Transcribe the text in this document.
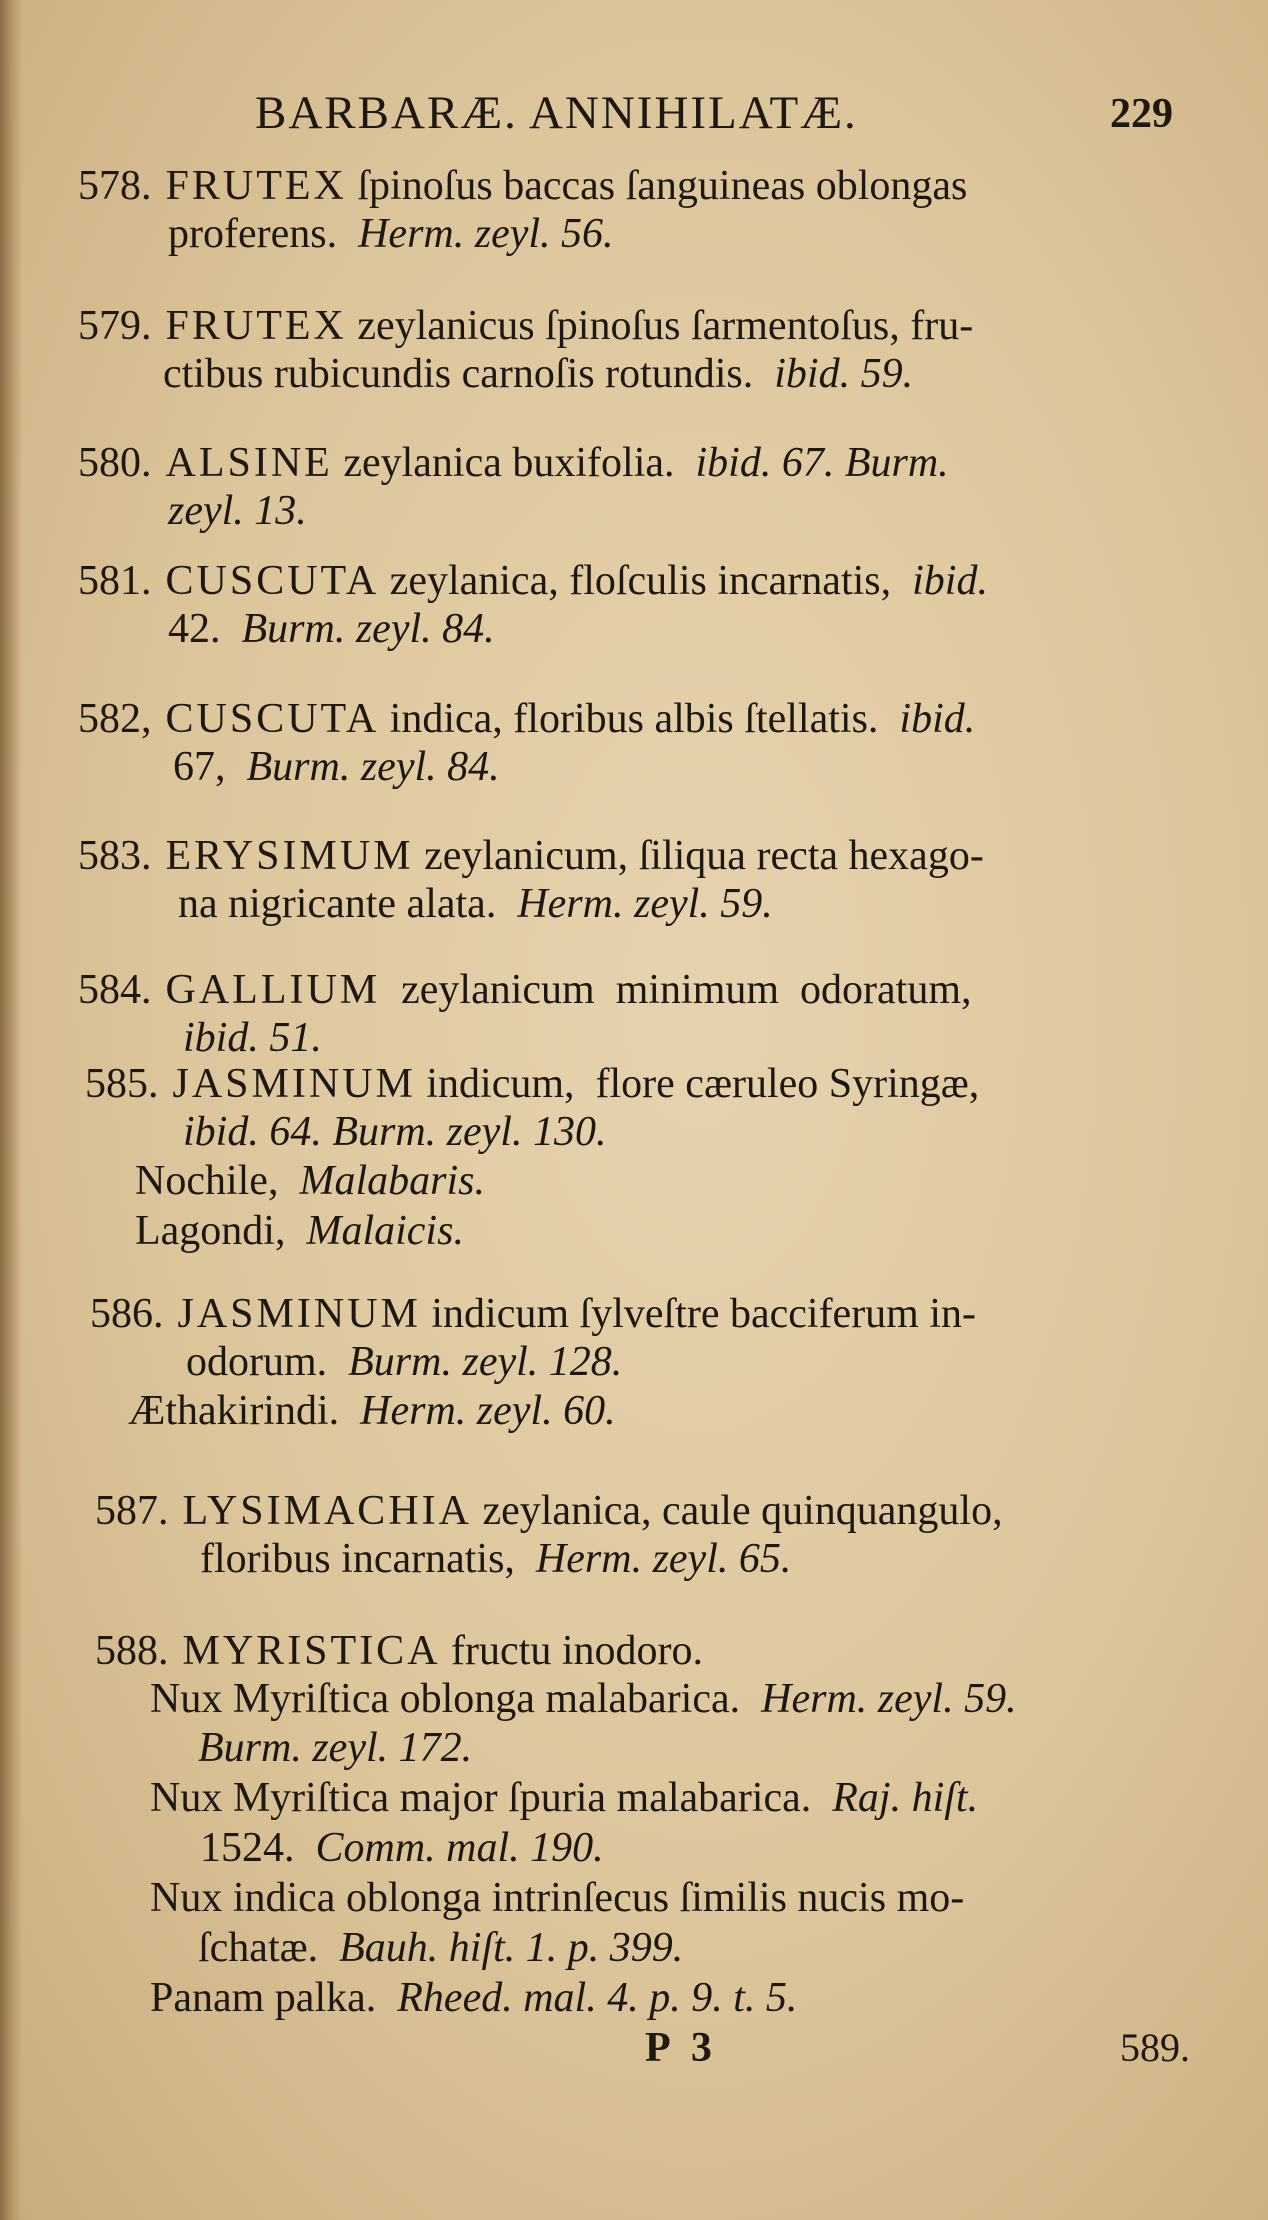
BARBARÆ. ANNIHILATÆ.	229
578. FRUTEX ſpinoſus baccas ſanguineas oblongas
proferens.  Herm. zeyl. 56.
579. FRUTEX zeylanicus ſpinoſus ſarmentoſus, fru-
ctibus rubicundis carnoſis rotundis.  ibid. 59.
580. ALSINE zeylanica buxifolia.  ibid. 67. Burm.
zeyl. 13.
581. CUSCUTA zeylanica, floſculis incarnatis,  ibid.
42.  Burm. zeyl. 84.
582, CUSCUTA indica, floribus albis ſtellatis.  ibid.
67,  Burm. zeyl. 84.
583. ERYSIMUM zeylanicum, ſiliqua recta hexago-
na nigricante alata.  Herm. zeyl. 59.
584. GALLIUM  zeylanicum  minimum  odoratum,
ibid. 51.
585. JASMINUM indicum,  flore cæruleo Syringæ,
ibid. 64. Burm. zeyl. 130.
Nochile,  Malabaris.
Lagondi,  Malaicis.
586. JASMINUM indicum ſylveſtre bacciferum in-
odorum.  Burm. zeyl. 128.
Æthakirindi.  Herm. zeyl. 60.
587. LYSIMACHIA zeylanica, caule quinquangulo,
floribus incarnatis,  Herm. zeyl. 65.
588. MYRISTICA fructu inodoro.
Nux Myriſtica oblonga malabarica.  Herm. zeyl. 59.
Burm. zeyl. 172.
Nux Myriſtica major ſpuria malabarica.  Raj. hiſt.
1524.  Comm. mal. 190.
Nux indica oblonga intrinſecus ſimilis nucis mo-
ſchatæ.  Bauh. hiſt. 1. p. 399.
Panam palka.  Rheed. mal. 4. p. 9. t. 5.
P 3	589.
